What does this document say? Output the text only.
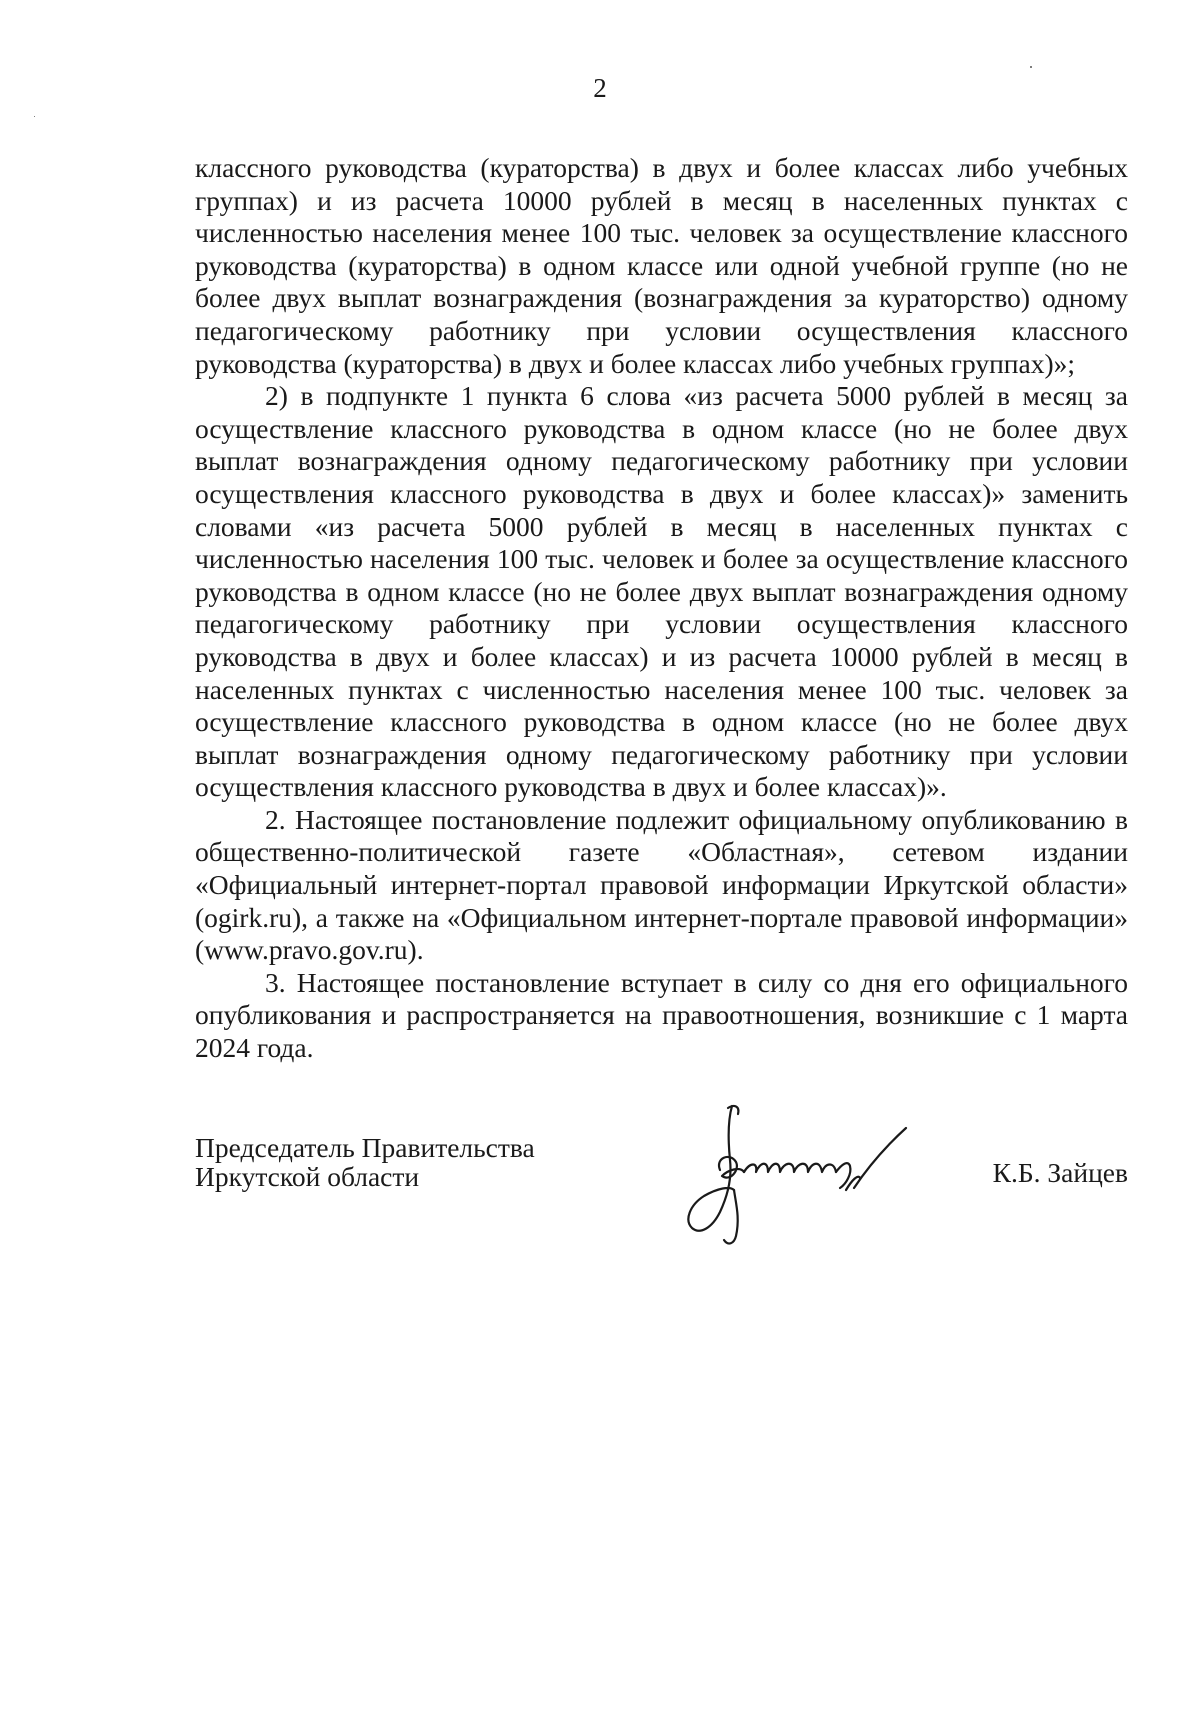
2

классного руководства (кураторства) в двух и более классах либо учебных группах) и из расчета 10000 рублей в месяц в населенных пунктах с численностью населения менее 100 тыс. человек за осуществление классного руководства (кураторства) в одном классе или одной учебной группе (но не более двух выплат вознаграждения (вознаграждения за кураторство) одному педагогическому работнику при условии осуществления классного руководства (кураторства) в двух и более классах либо учебных группах)»;

2) в подпункте 1 пункта 6 слова «из расчета 5000 рублей в месяц за осуществление классного руководства в одном классе (но не более двух выплат вознаграждения одному педагогическому работнику при условии осуществления классного руководства в двух и более классах)» заменить словами «из расчета 5000 рублей в месяц в населенных пунктах с численностью населения 100 тыс. человек и более за осуществление классного руководства в одном классе (но не более двух выплат вознаграждения одному педагогическому работнику при условии осуществления классного руководства в двух и более классах) и из расчета 10000 рублей в месяц в населенных пунктах с численностью населения менее 100 тыс. человек за осуществление классного руководства в одном классе (но не более двух выплат вознаграждения одному педагогическому работнику при условии осуществления классного руководства в двух и более классах)».

2. Настоящее постановление подлежит официальному опубликованию в общественно-политической газете «Областная», сетевом издании «Официальный интернет-портал правовой информации Иркутской области» (ogirk.ru), а также на «Официальном интернет-портале правовой информации» (www.pravo.gov.ru).

3. Настоящее постановление вступает в силу со дня его официального опубликования и распространяется на правоотношения, возникшие с 1 марта 2024 года.

Председатель Правительства
Иркутской области	К.Б. Зайцев
